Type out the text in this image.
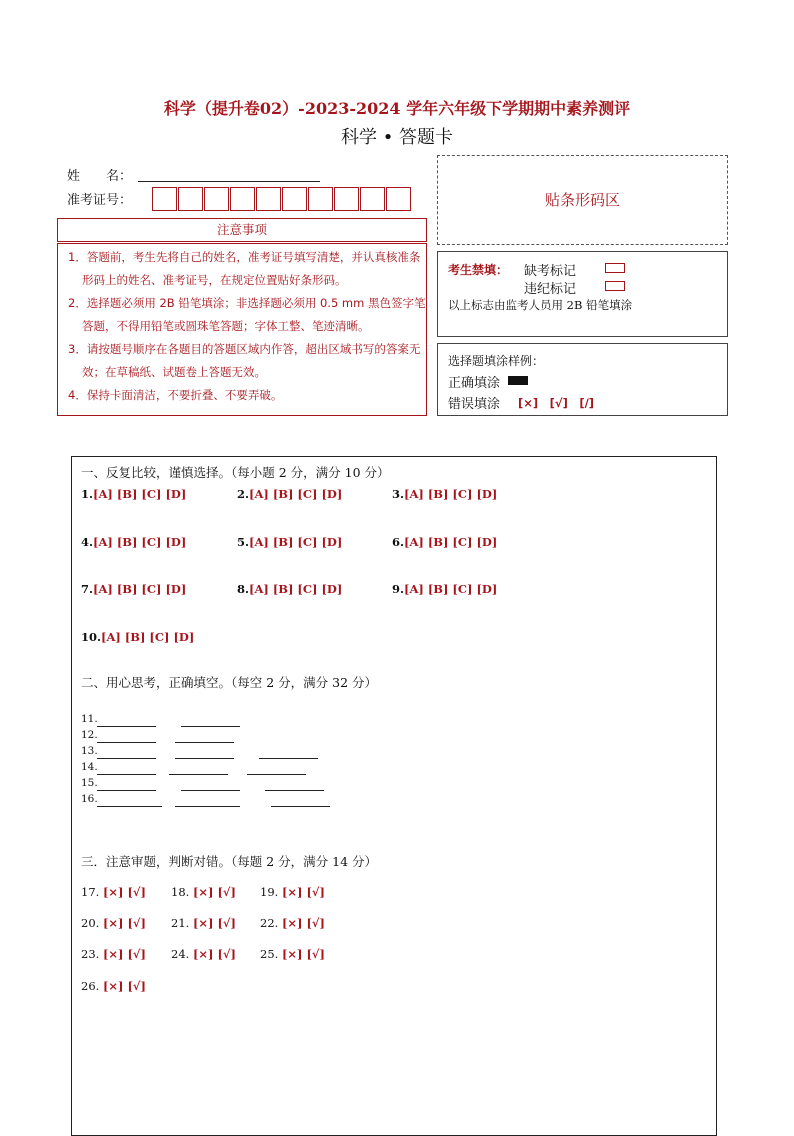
科学（提升卷02）-2023-2024 学年六年级下学期期中素养测评
科学 • 答题卡
姓　　名：
准考证号：	贴条形码区
注意事项

1．答题前，考生先将自己的姓名，准考证号填写清楚，并认真核准条形码上的姓名、准考证号，在规定位置贴好条形码。

2．选择题必须用 2B 铅笔填涂；非选择题必须用 0.5 mm 黑色签字笔答题，不得用铅笔或圆珠笔答题；字体工整、笔迹清晰。

3．请按题号顺序在各题目的答题区域内作答，超出区域书写的答案无效；在草稿纸、试题卷上答题无效。

4．保持卡面清洁，不要折叠、不要弄破。

考生禁填： 缺考标记
违纪标记
以上标志由监考人员用 2B 铅笔填涂
选择题填涂样例：
正确填涂
错误填涂 [×]　[√]　[/]
一、反复比较，谨慎选择。（每小题 2 分，满分 10 分）
1.[A] [B] [C] [D]	2.[A] [B] [C] [D]	3.[A] [B] [C] [D]
4.[A] [B] [C] [D]	5.[A] [B] [C] [D]	6.[A] [B] [C] [D]
7.[A] [B] [C] [D]	8.[A] [B] [C] [D]	9.[A] [B] [C] [D]
10.[A] [B] [C] [D]
二、用心思考，正确填空。（每空 2 分，满分 32 分）
11.
12.
13.
14.
15.
16.
三．注意审题，判断对错。（每题 2 分，满分 14 分）
17. [×] [√] 18. [×] [√] 19. [×] [√]
20. [×] [√] 21. [×] [√] 22. [×] [√]
23. [×] [√] 24. [×] [√] 25. [×] [√]
26. [×] [√]
